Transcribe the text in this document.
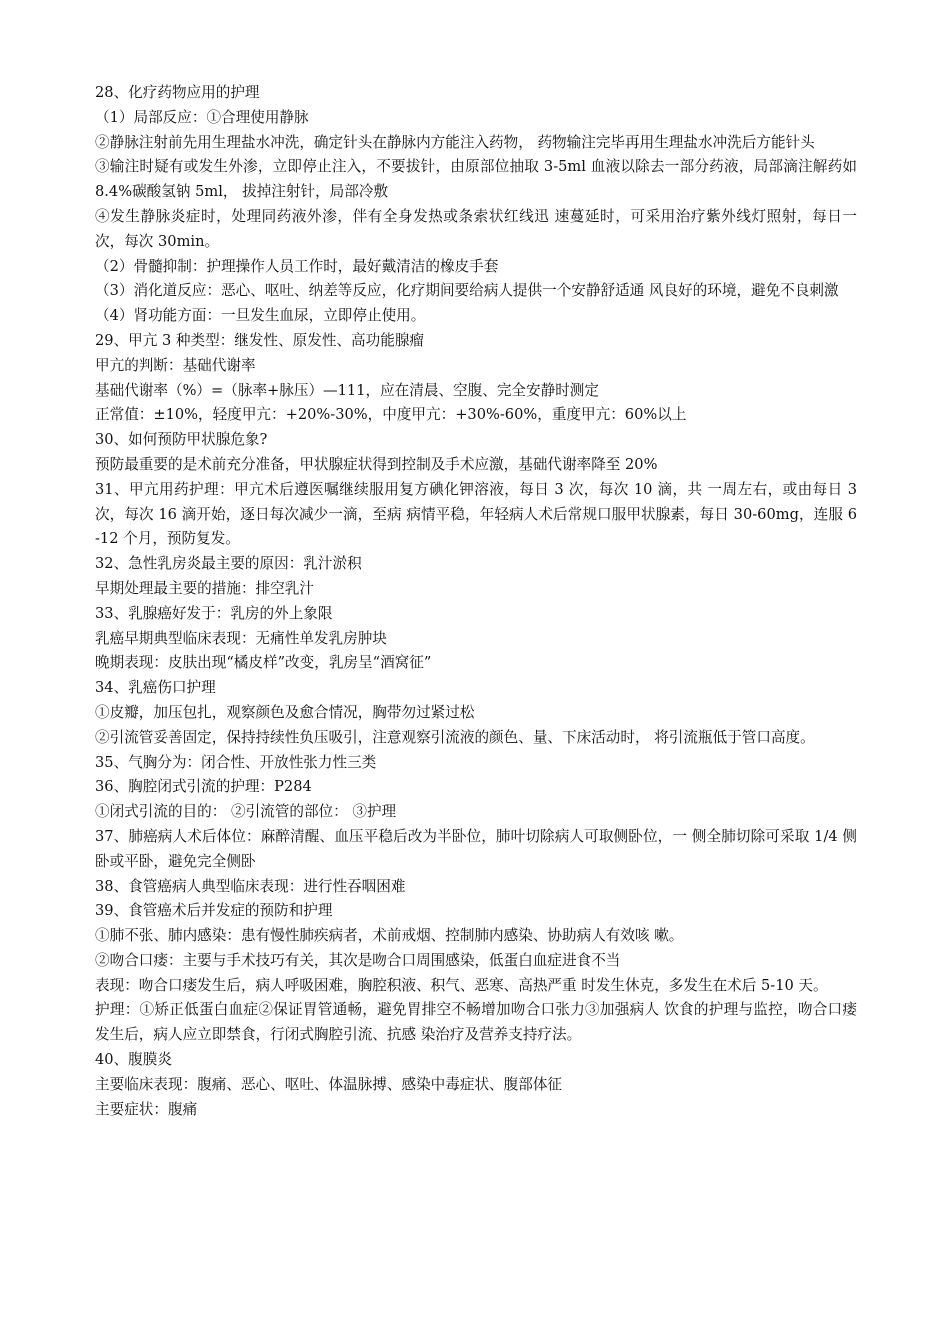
28、化疗药物应用的护理

（1）局部反应：①合理使用静脉

②静脉注射前先用生理盐水冲洗，确定针头在静脉内方能注入药物， 药物输注完毕再用生理盐水冲洗后方能针头

③输注时疑有或发生外渗，立即停止注入，不要拔针，由原部位抽取 3-5ml 血液以除去一部分药液，局部滴注解药如 8.4%碳酸氢钠 5ml， 拔掉注射针，局部冷敷

④发生静脉炎症时，处理同药液外渗，伴有全身发热或条索状红线迅 速蔓延时，可采用治疗紫外线灯照射，每日一次，每次 30min。

（2）骨髓抑制：护理操作人员工作时，最好戴清洁的橡皮手套

（3）消化道反应：恶心、呕吐、纳差等反应，化疗期间要给病人提供一个安静舒适通 风良好的环境，避免不良刺激

（4）肾功能方面：一旦发生血尿，立即停止使用。

29、甲亢 3 种类型：继发性、原发性、高功能腺瘤

甲亢的判断：基础代谢率

基础代谢率（%）=（脉率+脉压）—111，应在清晨、空腹、完全安静时测定

正常值：±10%，轻度甲亢：+20%-30%，中度甲亢：+30%-60%，重度甲亢：60%以上

30、如何预防甲状腺危象?

预防最重要的是术前充分准备，甲状腺症状得到控制及手术应激，基础代谢率降至 20%

31、甲亢用药护理：甲亢术后遵医嘱继续服用复方碘化钾溶液，每日 3 次，每次 10 滴，共 一周左右，或由每日 3 次，每次 16 滴开始，逐日每次减少一滴，至病 病情平稳，年轻病人术后常规口服甲状腺素，每日 30-60mg，连服 6-12 个月，预防复发。

32、急性乳房炎最主要的原因：乳汁淤积

早期处理最主要的措施：排空乳汁

33、乳腺癌好发于：乳房的外上象限

乳癌早期典型临床表现：无痛性单发乳房肿块

晚期表现：皮肤出现“橘皮样”改变，乳房呈“酒窝征”

34、乳癌伤口护理

①皮瓣，加压包扎，观察颜色及愈合情况，胸带勿过紧过松

②引流管妥善固定，保持持续性负压吸引，注意观察引流液的颜色、量、下床活动时， 将引流瓶低于管口高度。

35、气胸分为：闭合性、开放性张力性三类

36、胸腔闭式引流的护理：P284

①闭式引流的目的： ②引流管的部位： ③护理

37、肺癌病人术后体位：麻醉清醒、血压平稳后改为半卧位，肺叶切除病人可取侧卧位，一 侧全肺切除可采取 1/4 侧卧或平卧，避免完全侧卧

38、食管癌病人典型临床表现：进行性吞咽困难

39、食管癌术后并发症的预防和护理

①肺不张、肺内感染：患有慢性肺疾病者，术前戒烟、控制肺内感染、协助病人有效咳 嗽。

②吻合口瘘：主要与手术技巧有关，其次是吻合口周围感染，低蛋白血症进食不当

表现：吻合口瘘发生后，病人呼吸困难，胸腔积液、积气、恶寒、高热严重 时发生休克，多发生在术后 5-10 天。

护理：①矫正低蛋白血症②保证胃管通畅，避免胃排空不畅增加吻合口张力③加强病人 饮食的护理与监控，吻合口瘘发生后，病人应立即禁食，行闭式胸腔引流、抗感 染治疗及营养支持疗法。

40、腹膜炎

主要临床表现：腹痛、恶心、呕吐、体温脉搏、感染中毒症状、腹部体征

主要症状：腹痛
